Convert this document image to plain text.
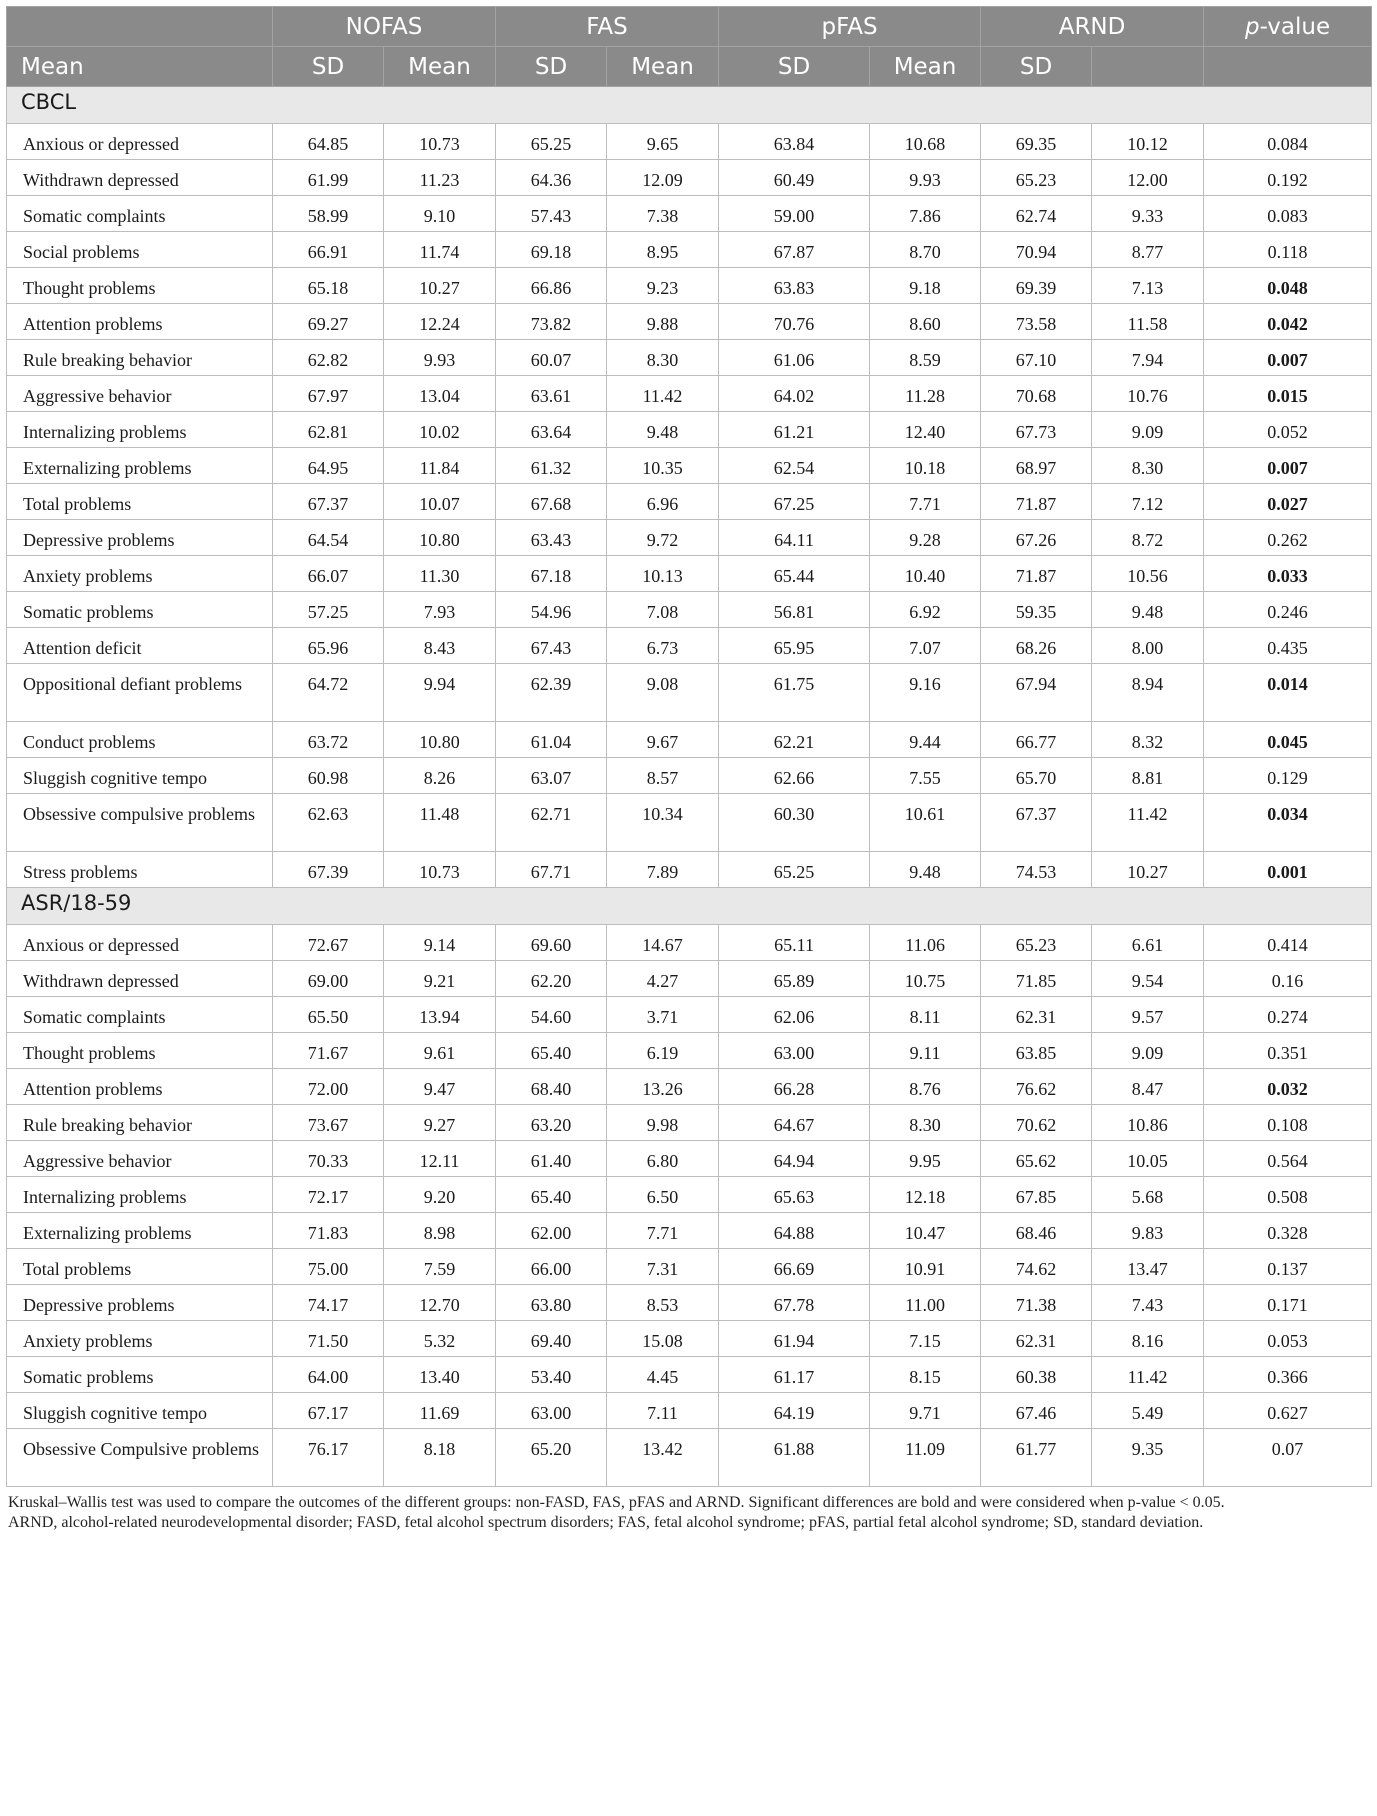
	NOFAS		FAS		pFAS		ARND		p-value
Mean	SD	Mean	SD	Mean	SD	Mean	SD		
CBCL									
Anxious or depressed	64.85	10.73	65.25	9.65	63.84	10.68	69.35	10.12	0.084
Withdrawn depressed	61.99	11.23	64.36	12.09	60.49	9.93	65.23	12.00	0.192
Somatic complaints	58.99	9.10	57.43	7.38	59.00	7.86	62.74	9.33	0.083
Social problems	66.91	11.74	69.18	8.95	67.87	8.70	70.94	8.77	0.118
Thought problems	65.18	10.27	66.86	9.23	63.83	9.18	69.39	7.13	0.048
Attention problems	69.27	12.24	73.82	9.88	70.76	8.60	73.58	11.58	0.042
Rule breaking behavior	62.82	9.93	60.07	8.30	61.06	8.59	67.10	7.94	0.007
Aggressive behavior	67.97	13.04	63.61	11.42	64.02	11.28	70.68	10.76	0.015
Internalizing problems	62.81	10.02	63.64	9.48	61.21	12.40	67.73	9.09	0.052
Externalizing problems	64.95	11.84	61.32	10.35	62.54	10.18	68.97	8.30	0.007
Total problems	67.37	10.07	67.68	6.96	67.25	7.71	71.87	7.12	0.027
Depressive problems	64.54	10.80	63.43	9.72	64.11	9.28	67.26	8.72	0.262
Anxiety problems	66.07	11.30	67.18	10.13	65.44	10.40	71.87	10.56	0.033
Somatic problems	57.25	7.93	54.96	7.08	56.81	6.92	59.35	9.48	0.246
Attention deficit	65.96	8.43	67.43	6.73	65.95	7.07	68.26	8.00	0.435
Oppositional defiant problems	64.72	9.94	62.39	9.08	61.75	9.16	67.94	8.94	0.014
Conduct problems	63.72	10.80	61.04	9.67	62.21	9.44	66.77	8.32	0.045
Sluggish cognitive tempo	60.98	8.26	63.07	8.57	62.66	7.55	65.70	8.81	0.129
Obsessive compulsive problems	62.63	11.48	62.71	10.34	60.30	10.61	67.37	11.42	0.034
Stress problems	67.39	10.73	67.71	7.89	65.25	9.48	74.53	10.27	0.001
ASR/18-59									
Anxious or depressed	72.67	9.14	69.60	14.67	65.11	11.06	65.23	6.61	0.414
Withdrawn depressed	69.00	9.21	62.20	4.27	65.89	10.75	71.85	9.54	0.16
Somatic complaints	65.50	13.94	54.60	3.71	62.06	8.11	62.31	9.57	0.274
Thought problems	71.67	9.61	65.40	6.19	63.00	9.11	63.85	9.09	0.351
Attention problems	72.00	9.47	68.40	13.26	66.28	8.76	76.62	8.47	0.032
Rule breaking behavior	73.67	9.27	63.20	9.98	64.67	8.30	70.62	10.86	0.108
Aggressive behavior	70.33	12.11	61.40	6.80	64.94	9.95	65.62	10.05	0.564
Internalizing problems	72.17	9.20	65.40	6.50	65.63	12.18	67.85	5.68	0.508
Externalizing problems	71.83	8.98	62.00	7.71	64.88	10.47	68.46	9.83	0.328
Total problems	75.00	7.59	66.00	7.31	66.69	10.91	74.62	13.47	0.137
Depressive problems	74.17	12.70	63.80	8.53	67.78	11.00	71.38	7.43	0.171
Anxiety problems	71.50	5.32	69.40	15.08	61.94	7.15	62.31	8.16	0.053
Somatic problems	64.00	13.40	53.40	4.45	61.17	8.15	60.38	11.42	0.366
Sluggish cognitive tempo	67.17	11.69	63.00	7.11	64.19	9.71	67.46	5.49	0.627
Obsessive Compulsive problems	76.17	8.18	65.20	13.42	61.88	11.09	61.77	9.35	0.07
Kruskal–Wallis test was used to compare the outcomes of the different groups: non-FASD, FAS, pFAS and ARND. Significant differences are bold and were considered when p-value < 0.05.
ARND, alcohol-related neurodevelopmental disorder; FASD, fetal alcohol spectrum disorders; FAS, fetal alcohol syndrome; pFAS, partial fetal alcohol syndrome; SD, standard deviation.
